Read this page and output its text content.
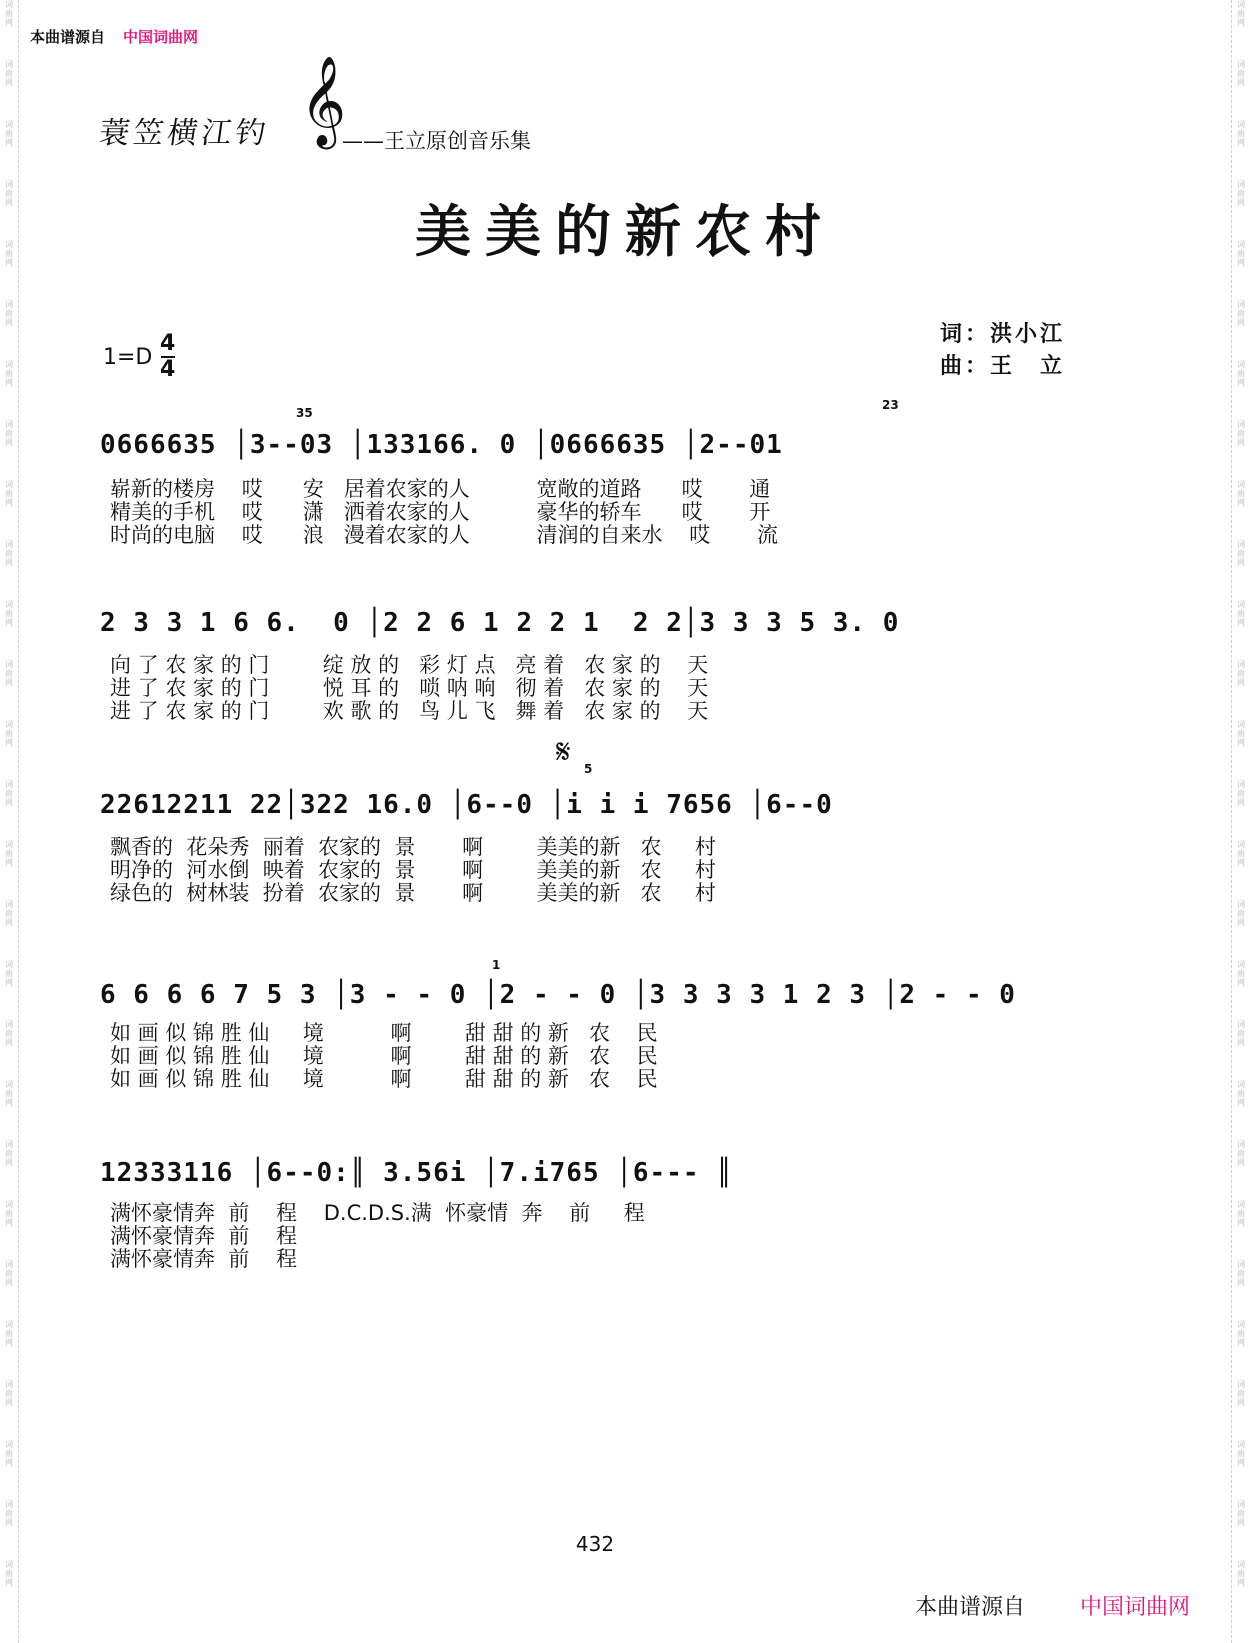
词
曲
网
词
曲
网
词
曲
网
词
曲
网
词
曲
网
词
曲
网
词
曲
网
词
曲
网
词
曲
网
词
曲
网
词
曲
网
词
曲
网
词
曲
网
词
曲
网
词
曲
网
词
曲
网
词
曲
网
词
曲
网
词
曲
网
词
曲
网
词
曲
网
词
曲
网
词
曲
网
词
曲
网
词
曲
网
词
曲
网
词
曲
网
词
曲
网
词
曲
网
词
曲
网
词
曲
网
词
曲
网
词
曲
网
词
曲
网
词
曲
网
词
曲
网
词
曲
网
词
曲
网
词
曲
网
词
曲
网
词
曲
网
词
曲
网
词
曲
网
词
曲
网
词
曲
网
词
曲
网
词
曲
网
词
曲
网
词
曲
网
词
曲
网
词
曲
网
词
曲
网
词
曲
网
词
曲
网
本曲谱源自 中国词曲网
蓑笠横江钓 𝄞
——王立原创音乐集
美美的新农村
词：洪小江
曲：王　立
1=D
4
4
35
23
0666635 │3--03 │133166. 0 │0666635 │2--01
崭新的楼房    哎      安   居着农家的人          宽敞的道路      哎       通
精美的手机    哎      潇   洒着农家的人          豪华的轿车      哎       开
时尚的电脑    哎      浪   漫着农家的人          清润的自来水    哎       流
2 3 3 1 6 6.  0 │2 2 6 1 2 2 1  2 2│3 3 3 5 3. 0
向 了 农 家 的 门        绽 放 的   彩 灯 点   亮 着   农 家 的    天
进 了 农 家 的 门        悦 耳 的   唢 呐 响   彻 着   农 家 的    天
进 了 农 家 的 门        欢 歌 的   鸟 儿 飞   舞 着   农 家 的    天
𝄋 5
22612211 22│322 16.0 │6--0 │i i i 7656 │6--0
飘香的  花朵秀  丽着  农家的  景       啊        美美的新   农     村
明净的  河水倒  映着  农家的  景       啊        美美的新   农     村
绿色的  树林装  扮着  农家的  景       啊        美美的新   农     村
1
6 6 6 6 7 5 3 │3 - - 0 │2 - - 0 │3 3 3 3 1 2 3 │2 - - 0
如 画 似 锦 胜 仙     境          啊        甜 甜 的 新   农    民
如 画 似 锦 胜 仙     境          啊        甜 甜 的 新   农    民
如 画 似 锦 胜 仙     境          啊        甜 甜 的 新   农    民
12333116 │6--0:║ 3.56i │7.i765 │6--- ║
满怀豪情奔  前    程    D.C.D.S.满  怀豪情  奔    前     程
满怀豪情奔  前    程
满怀豪情奔  前    程
432
本曲谱源自	中国词曲网
